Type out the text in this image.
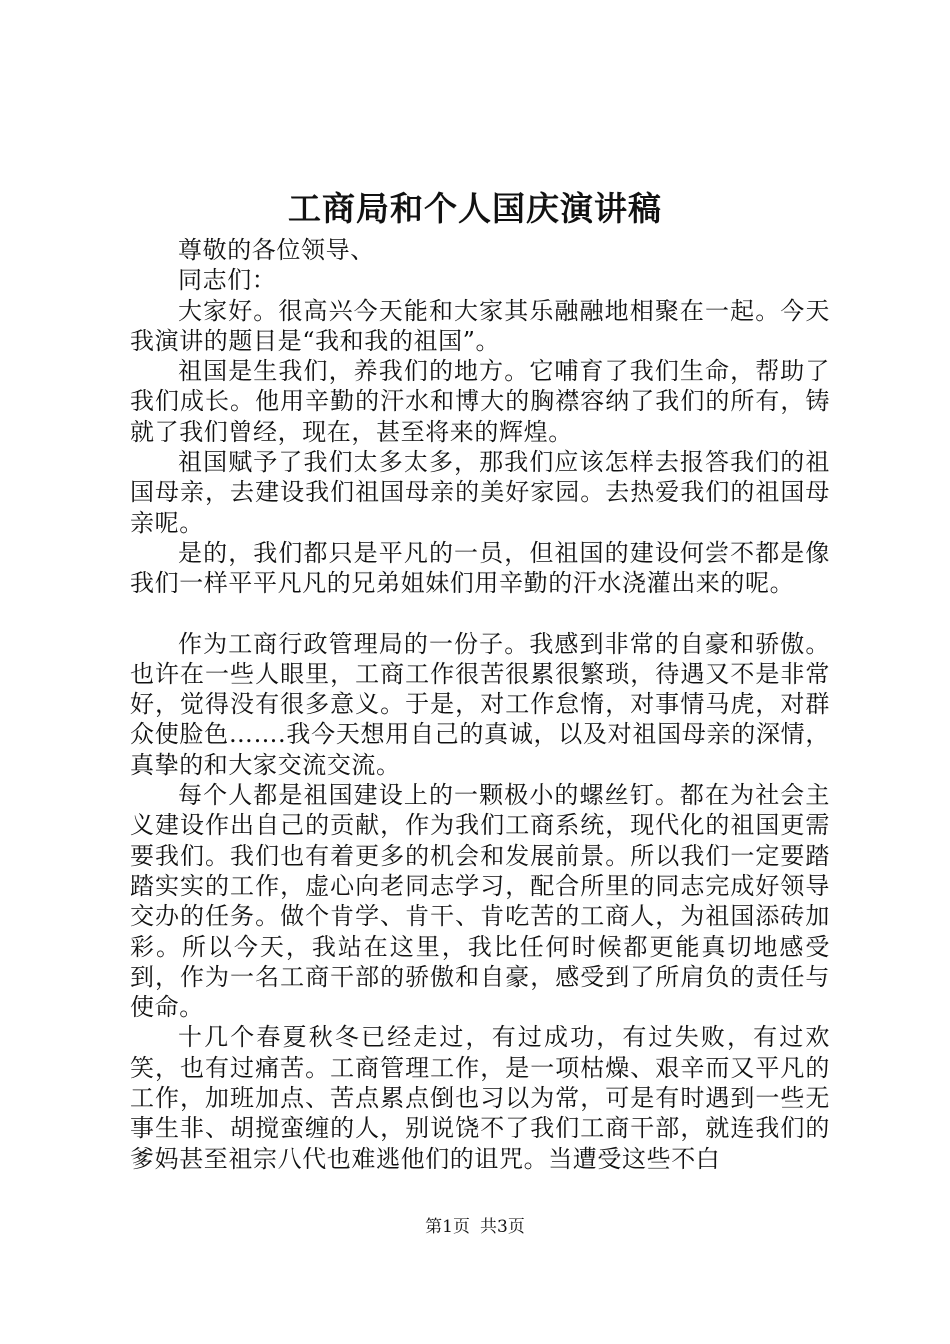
工商局和个人国庆演讲稿

尊敬的各位领导、

同志们：

大家好。很高兴今天能和大家其乐融融地相聚在一起。今天我演讲的题目是“我和我的祖国”。

祖国是生我们，养我们的地方。它哺育了我们生命，帮助了我们成长。他用辛勤的汗水和博大的胸襟容纳了我们的所有，铸就了我们曾经，现在，甚至将来的辉煌。

祖国赋予了我们太多太多，那我们应该怎样去报答我们的祖国母亲，去建设我们祖国母亲的美好家园。去热爱我们的祖国母亲呢。

是的，我们都只是平凡的一员，但祖国的建设何尝不都是像我们一样平平凡凡的兄弟姐妹们用辛勤的汗水浇灌出来的呢。

作为工商行政管理局的一份子。我感到非常的自豪和骄傲。也许在一些人眼里，工商工作很苦很累很繁琐，待遇又不是非常好，觉得没有很多意义。于是，对工作怠惰，对事情马虎，对群众使脸色…….我今天想用自己的真诚，以及对祖国母亲的深情，真挚的和大家交流交流。

每个人都是祖国建设上的一颗极小的螺丝钉。都在为社会主义建设作出自己的贡献，作为我们工商系统，现代化的祖国更需要我们。我们也有着更多的机会和发展前景。所以我们一定要踏踏实实的工作，虚心向老同志学习，配合所里的同志完成好领导交办的任务。做个肯学、肯干、肯吃苦的工商人，为祖国添砖加彩。所以今天，我站在这里，我比任何时候都更能真切地感受到，作为一名工商干部的骄傲和自豪，感受到了所肩负的责任与使命。

十几个春夏秋冬已经走过，有过成功，有过失败，有过欢笑，也有过痛苦。工商管理工作，是一项枯燥、艰辛而又平凡的工作，加班加点、苦点累点倒也习以为常，可是有时遇到一些无事生非、胡搅蛮缠的人，别说饶不了我们工商干部，就连我们的爹妈甚至祖宗八代也难逃他们的诅咒。当遭受这些不白

第1页 共3页
